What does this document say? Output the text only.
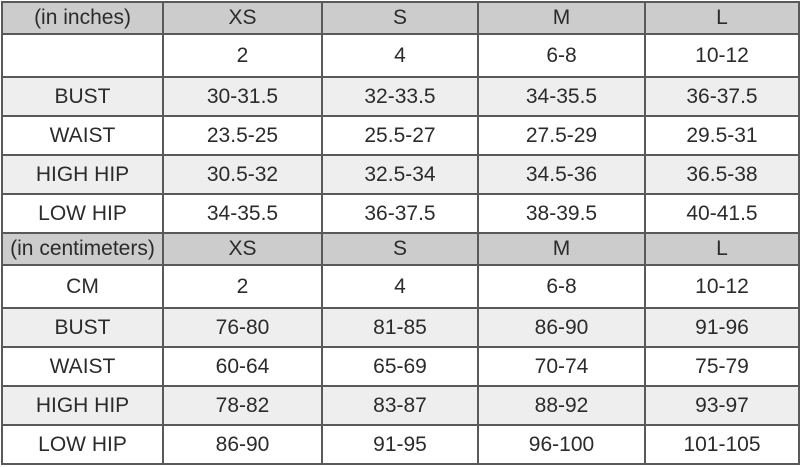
(in inches)	XS	S	M	L
	2	4	6-8	10-12
BUST	30-31.5	32-33.5	34-35.5	36-37.5
WAIST	23.5-25	25.5-27	27.5-29	29.5-31
HIGH HIP	30.5-32	32.5-34	34.5-36	36.5-38
LOW HIP	34-35.5	36-37.5	38-39.5	40-41.5
(in centimeters)	XS	S	M	L
CM	2	4	6-8	10-12
BUST	76-80	81-85	86-90	91-96
WAIST	60-64	65-69	70-74	75-79
HIGH HIP	78-82	83-87	88-92	93-97
LOW HIP	86-90	91-95	96-100	101-105
